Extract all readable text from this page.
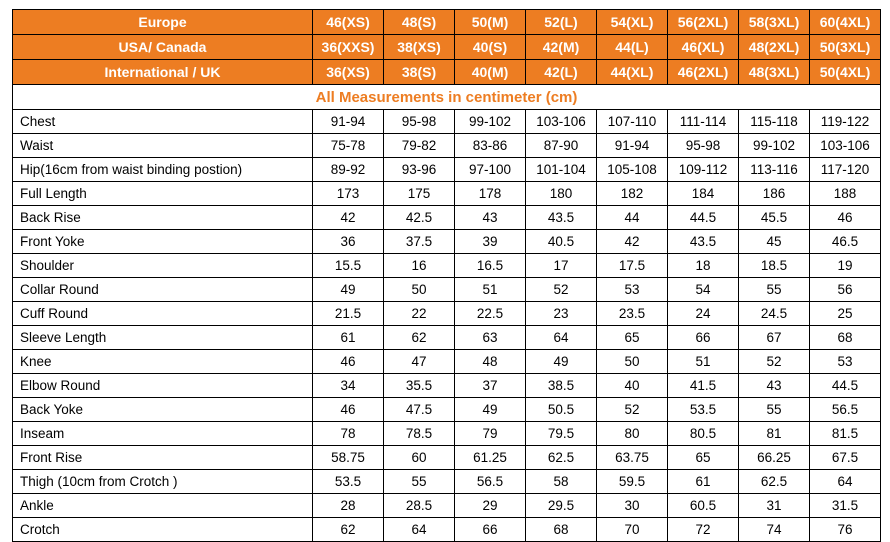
Europe	46(XS)	48(S)	50(M)	52(L)	54(XL)	56(2XL)	58(3XL)	60(4XL)
USA/ Canada	36(XXS)	38(XS)	40(S)	42(M)	44(L)	46(XL)	48(2XL)	50(3XL)
International / UK	36(XS)	38(S)	40(M)	42(L)	44(XL)	46(2XL)	48(3XL)	50(4XL)
All Measurements in centimeter (cm)								
Chest	91-94	95-98	99-102	103-106	107-110	111-114	115-118	119-122
Waist	75-78	79-82	83-86	87-90	91-94	95-98	99-102	103-106
Hip(16cm from waist binding postion)	89-92	93-96	97-100	101-104	105-108	109-112	113-116	117-120
Full Length	173	175	178	180	182	184	186	188
Back Rise	42	42.5	43	43.5	44	44.5	45.5	46
Front Yoke	36	37.5	39	40.5	42	43.5	45	46.5
Shoulder	15.5	16	16.5	17	17.5	18	18.5	19
Collar Round	49	50	51	52	53	54	55	56
Cuff Round	21.5	22	22.5	23	23.5	24	24.5	25
Sleeve Length	61	62	63	64	65	66	67	68
Knee	46	47	48	49	50	51	52	53
Elbow Round	34	35.5	37	38.5	40	41.5	43	44.5
Back Yoke	46	47.5	49	50.5	52	53.5	55	56.5
Inseam	78	78.5	79	79.5	80	80.5	81	81.5
Front Rise	58.75	60	61.25	62.5	63.75	65	66.25	67.5
Thigh (10cm from Crotch )	53.5	55	56.5	58	59.5	61	62.5	64
Ankle	28	28.5	29	29.5	30	60.5	31	31.5
Crotch	62	64	66	68	70	72	74	76
